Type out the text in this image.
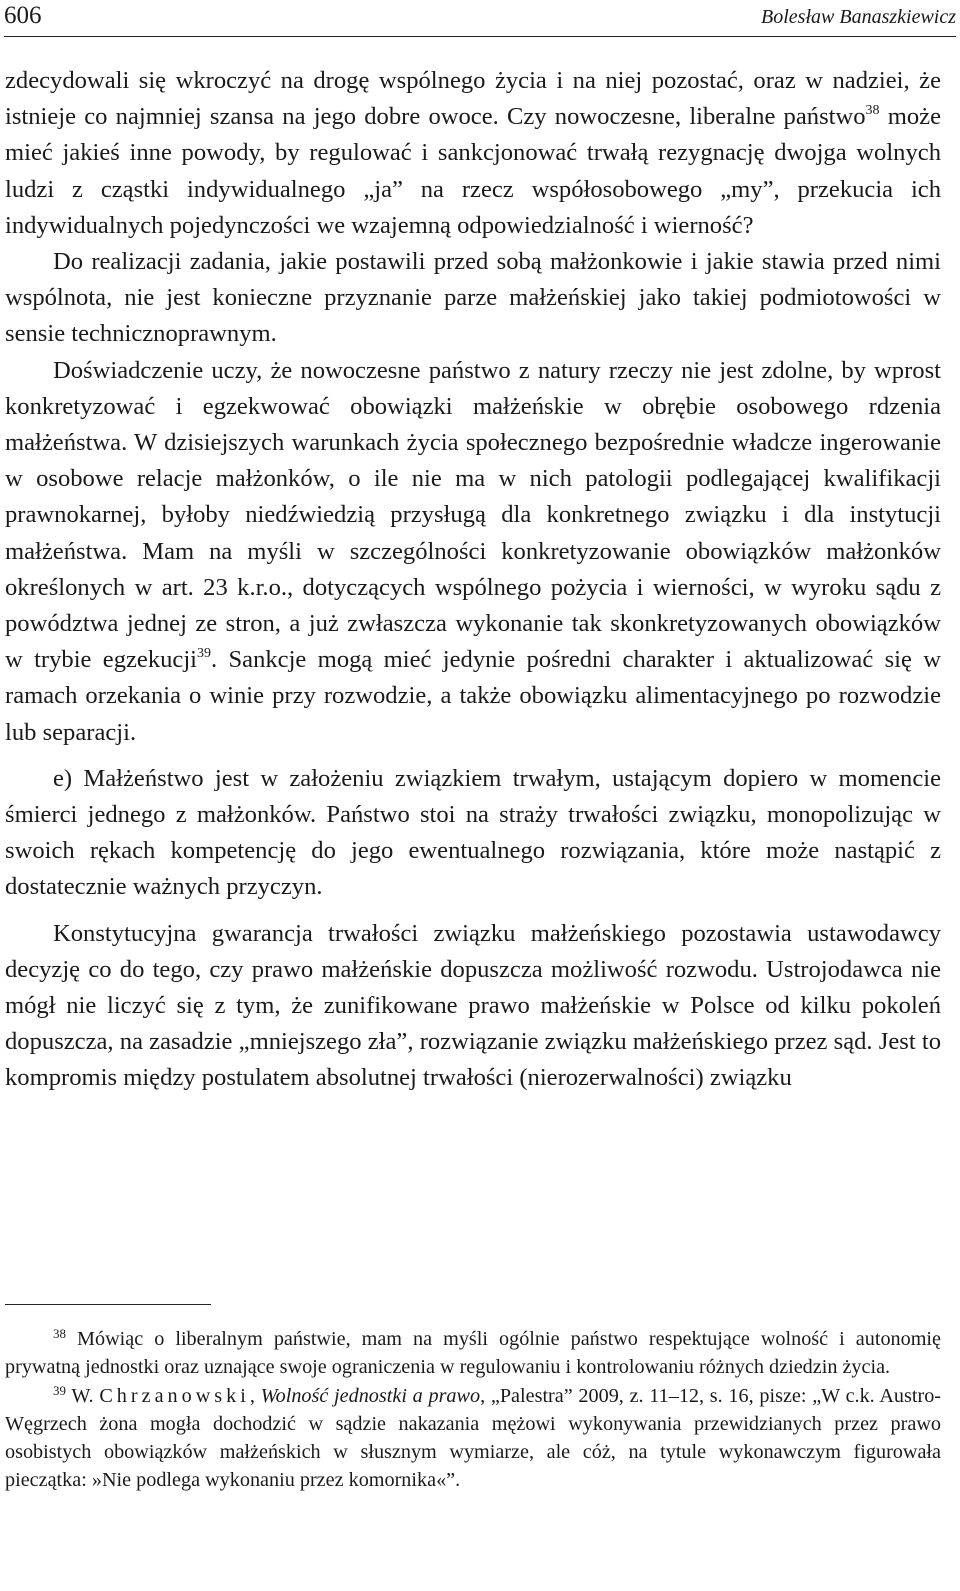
606	Bolesław Banaszkiewicz

zdecydowali się wkroczyć na drogę wspólnego życia i na niej pozostać, oraz w nadziei, że istnieje co najmniej szansa na jego dobre owoce. Czy nowoczesne, liberalne państwo$^{38}$ może mieć jakieś inne powody, by regulować i sankcjonować trwałą rezygnację dwojga wolnych ludzi z cząstki indywidualnego „ja” na rzecz współosobowego „my”, przekucia ich indywidualnych pojedynczości we wzajemną odpowiedzialność i wierność?

Do realizacji zadania, jakie postawili przed sobą małżonkowie i jakie stawia przed nimi wspólnota, nie jest konieczne przyznanie parze małżeńskiej jako takiej podmiotowości w sensie technicznoprawnym.

Doświadczenie uczy, że nowoczesne państwo z natury rzeczy nie jest zdolne, by wprost konkretyzować i egzekwować obowiązki małżeńskie w obrębie osobowego rdzenia małżeństwa. W dzisiejszych warunkach życia społecznego bezpośrednie władcze ingerowanie w osobowe relacje małżonków, o ile nie ma w nich patologii podlegającej kwalifikacji prawnokarnej, byłoby niedźwiedzią przysługą dla konkretnego związku i dla instytucji małżeństwa. Mam na myśli w szczególności konkretyzowanie obowiązków małżonków określonych w art. 23 k.r.o., dotyczących wspólnego pożycia i wierności, w wyroku sądu z powództwa jednej ze stron, a już zwłaszcza wykonanie tak skonkretyzowanych obowiązków w trybie egzekucji$^{39}$. Sankcje mogą mieć jedynie pośredni charakter i aktualizować się w ramach orzekania o winie przy rozwodzie, a także obowiązku alimentacyjnego po rozwodzie lub separacji.

e) Małżeństwo jest w założeniu związkiem trwałym, ustającym dopiero w momencie śmierci jednego z małżonków. Państwo stoi na straży trwałości związku, monopolizując w swoich rękach kompetencję do jego ewentualnego rozwiązania, które może nastąpić z dostatecznie ważnych przyczyn.

Konstytucyjna gwarancja trwałości związku małżeńskiego pozostawia ustawodawcy decyzję co do tego, czy prawo małżeńskie dopuszcza możliwość rozwodu. Ustrojodawca nie mógł nie liczyć się z tym, że zunifikowane prawo małżeńskie w Polsce od kilku pokoleń dopuszcza, na zasadzie „mniejszego zła”, rozwiązanie związku małżeńskiego przez sąd. Jest to kompromis między postulatem absolutnej trwałości (nierozerwalności) związku

$^{38}$ Mówiąc o liberalnym państwie, mam na myśli ogólnie państwo respektujące wolność i autonomię prywatną jednostki oraz uznające swoje ograniczenia w regulowaniu i kontrolowaniu różnych dziedzin życia.

$^{39}$ W. Chrzanowski, Wolność jednostki a prawo, „Palestra” 2009, z. 11–12, s. 16, pisze: „W c.k. Austro-Węgrzech żona mogła dochodzić w sądzie nakazania mężowi wykonywania przewidzianych przez prawo osobistych obowiązków małżeńskich w słusznym wymiarze, ale cóż, na tytule wykonawczym figurowała pieczątka: »Nie podlega wykonaniu przez komornika«”.
